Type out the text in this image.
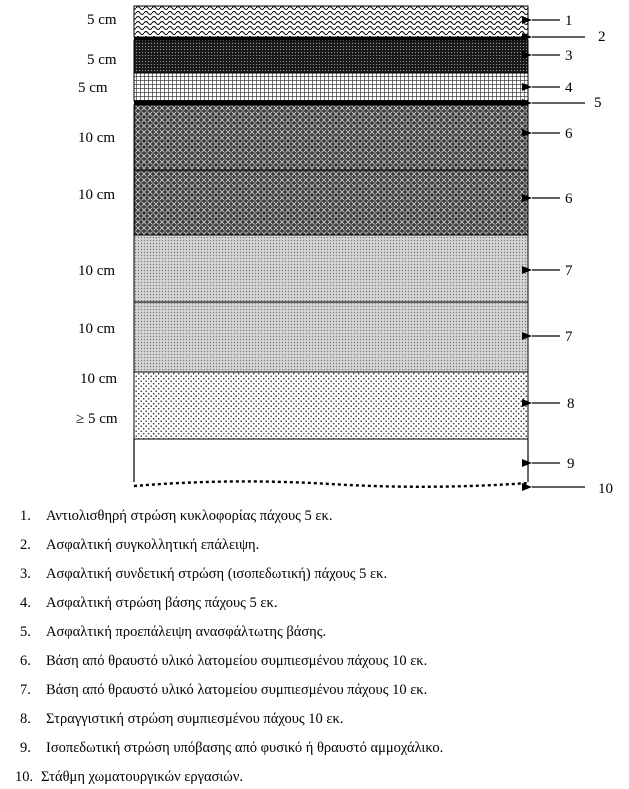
1
2
3
4
5
6
6
7
7
8
9
10
5 cm
5 cm
5 cm
10 cm
10 cm
10 cm
10 cm
10 cm
≥ 5 cm
1. Αντιολισθηρή στρώση κυκλοφορίας πάχους 5 εκ.
2. Ασφαλτική συγκολλητική επάλειψη.
3. Ασφαλτική συνδετική στρώση (ισοπεδωτική) πάχους 5 εκ.
4. Ασφαλτική στρώση βάσης πάχους 5 εκ.
5. Ασφαλτική προεπάλειψη ανασφάλτωτης βάσης.
6. Βάση από θραυστό υλικό λατομείου συμπιεσμένου πάχους 10 εκ.
7. Βάση από θραυστό υλικό λατομείου συμπιεσμένου πάχους 10 εκ.
8. Στραγγιστική στρώση συμπιεσμένου πάχους 10 εκ.
9. Ισοπεδωτική στρώση υπόβασης από φυσικό ή θραυστό αμμοχάλικο.
10. Στάθμη χωματουργικών εργασιών.
